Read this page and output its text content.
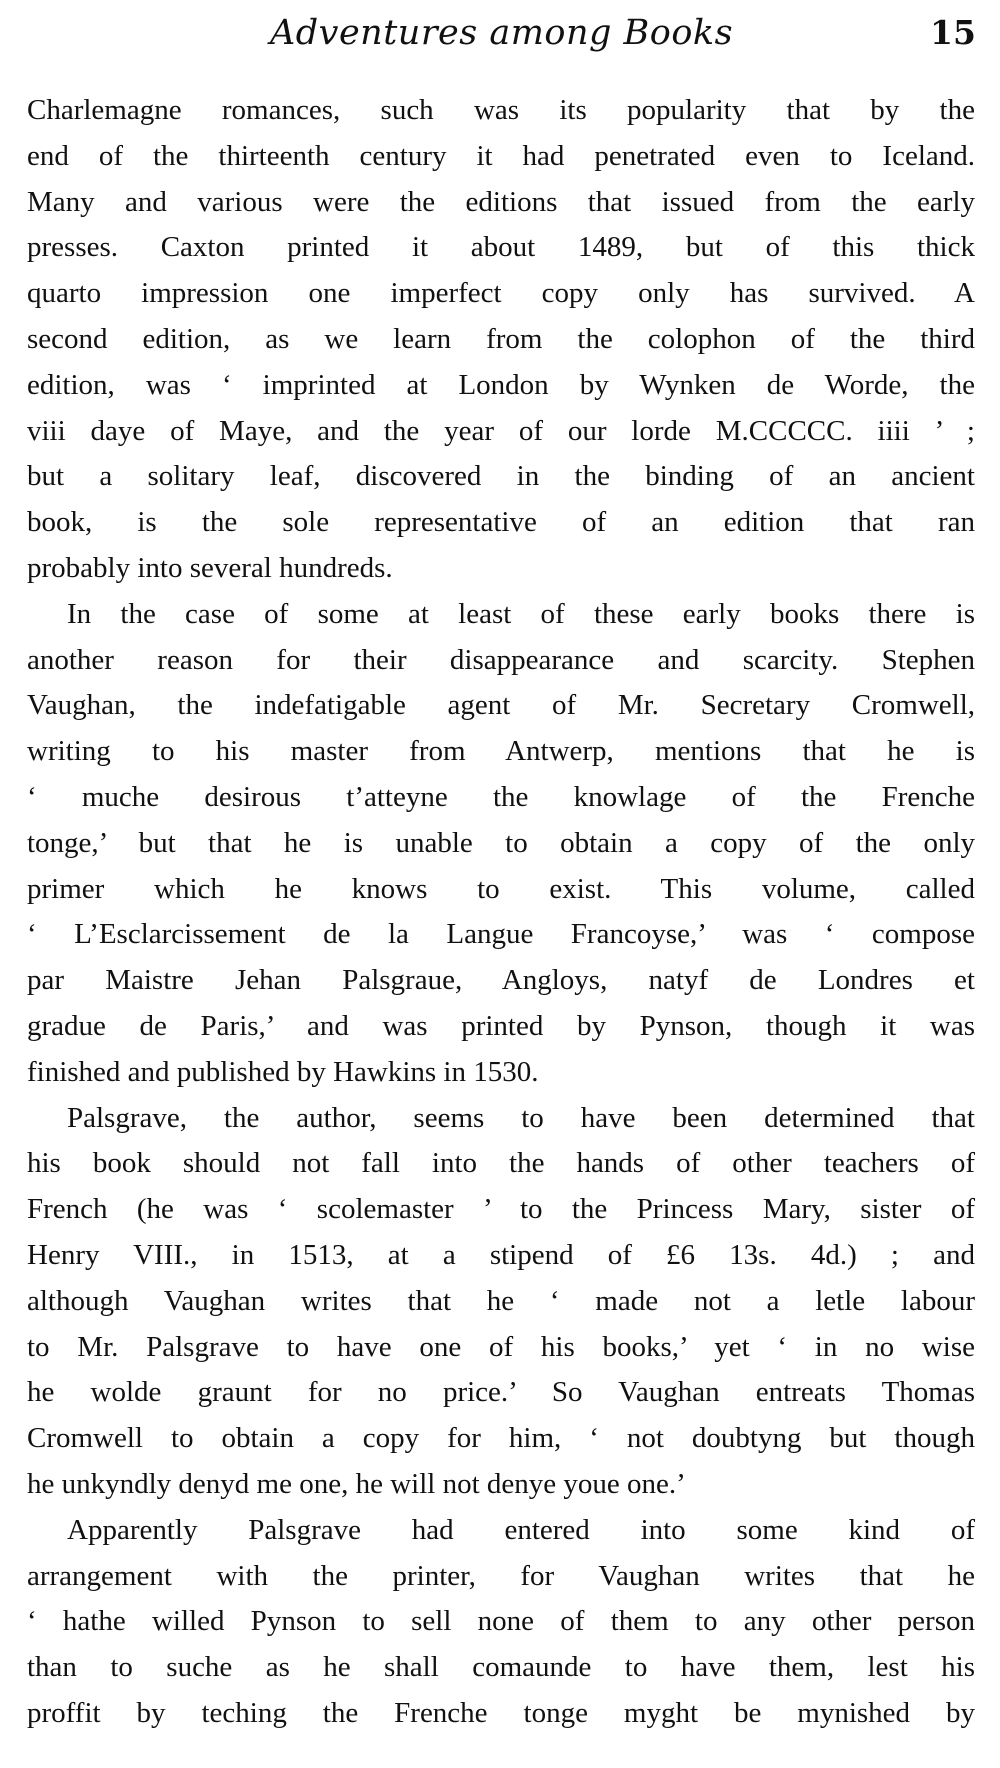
Adventures among Books	15
Charlemagne romances, such was its popularity that by the
end of the thirteenth century it had penetrated even to Iceland.
Many and various were the editions that issued from the early
presses. Caxton printed it about 1489, but of this thick
quarto impression one imperfect copy only has survived. A
second edition, as we learn from the colophon of the third
edition, was ‘ imprinted at London by Wynken de Worde, the
viii daye of Maye, and the year of our lorde M.CCCCC. iiii ’ ;
but a solitary leaf, discovered in the binding of an ancient
book, is the sole representative of an edition that ran
probably into several hundreds.
In the case of some at least of these early books there is
another reason for their disappearance and scarcity. Stephen
Vaughan, the indefatigable agent of Mr. Secretary Cromwell,
writing to his master from Antwerp, mentions that he is
‘ muche desirous t’atteyne the knowlage of the Frenche
tonge,’ but that he is unable to obtain a copy of the only
primer which he knows to exist. This volume, called
‘ L’Esclarcissement de la Langue Francoyse,’ was ‘ compose
par Maistre Jehan Palsgraue, Angloys, natyf de Londres et
gradue de Paris,’ and was printed by Pynson, though it was
finished and published by Hawkins in 1530.
Palsgrave, the author, seems to have been determined that
his book should not fall into the hands of other teachers of
French (he was ‘ scolemaster ’ to the Princess Mary, sister of
Henry VIII., in 1513, at a stipend of £6 13s. 4d.) ; and
although Vaughan writes that he ‘ made not a letle labour
to Mr. Palsgrave to have one of his books,’ yet ‘ in no wise
he wolde graunt for no price.’ So Vaughan entreats Thomas
Cromwell to obtain a copy for him, ‘ not doubtyng but though
he unkyndly denyd me one, he will not denye youe one.’
Apparently Palsgrave had entered into some kind of
arrangement with the printer, for Vaughan writes that he
‘ hathe willed Pynson to sell none of them to any other person
than to suche as he shall comaunde to have them, lest his
proffit by teching the Frenche tonge myght be mynished by
